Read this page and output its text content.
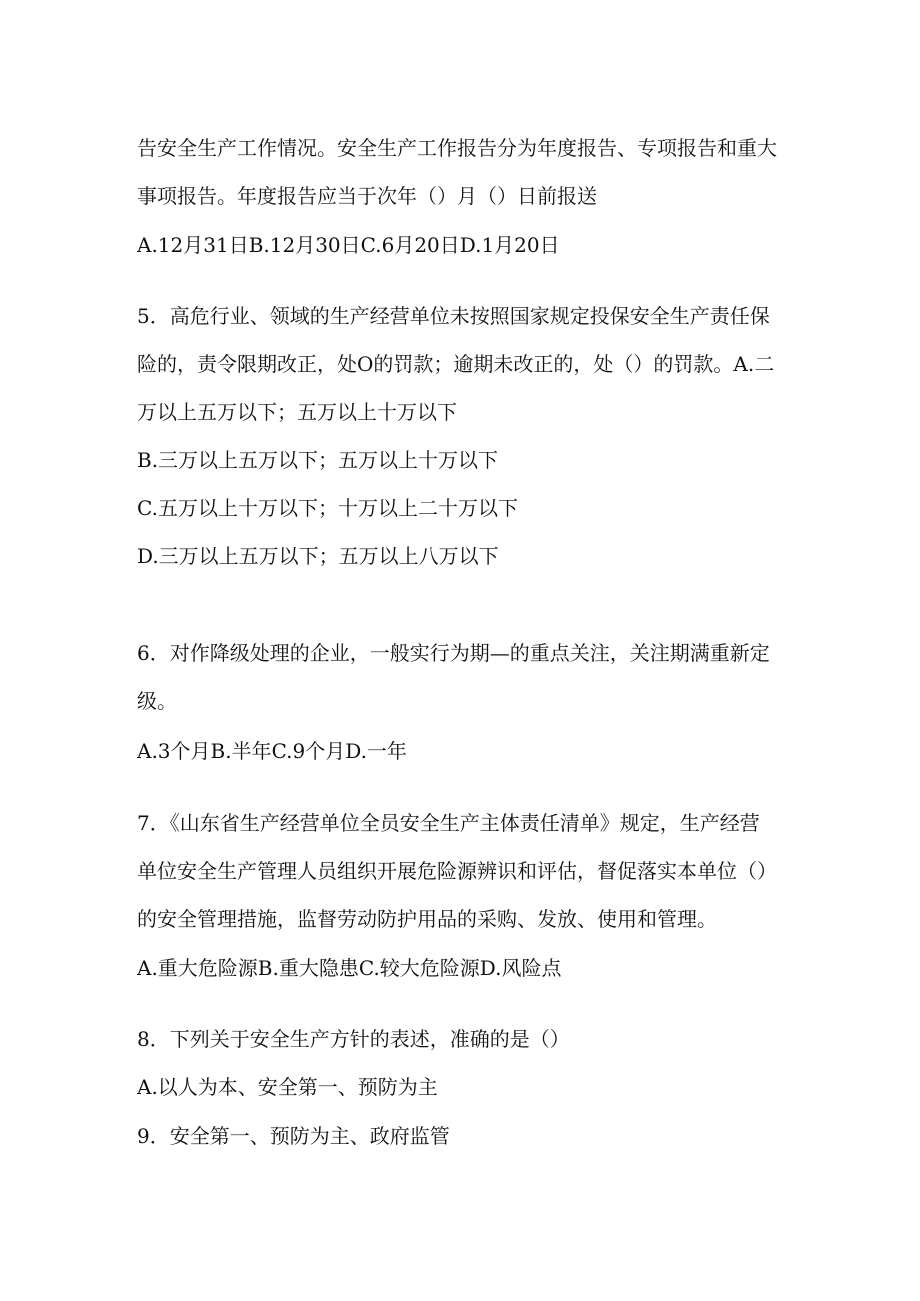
告安全生产工作情况。安全生产工作报告分为年度报告、专项报告和重大
事项报告。年度报告应当于次年（）月（）日前报送
A.12月31日B.12月30日C.6月20日D.1月20日
5．高危行业、领域的生产经营单位未按照国家规定投保安全生产责任保
险的，责令限期改正，处O的罚款；逾期未改正的，处（）的罚款。A.二
万以上五万以下；五万以上十万以下
B.三万以上五万以下；五万以上十万以下
C.五万以上十万以下；十万以上二十万以下
D.三万以上五万以下；五万以上八万以下
6．对作降级处理的企业，一般实行为期—的重点关注，关注期满重新定
级。
A.3个月B.半年C.9个月D.一年
7．《山东省生产经营单位全员安全生产主体责任清单》规定，生产经营
单位安全生产管理人员组织开展危险源辨识和评估，督促落实本单位（）
的安全管理措施，监督劳动防护用品的采购、发放、使用和管理。
A.重大危险源B.重大隐患C.较大危险源D.风险点
8．下列关于安全生产方针的表述，准确的是（）
A.以人为本、安全第一、预防为主
9．安全第一、预防为主、政府监管
